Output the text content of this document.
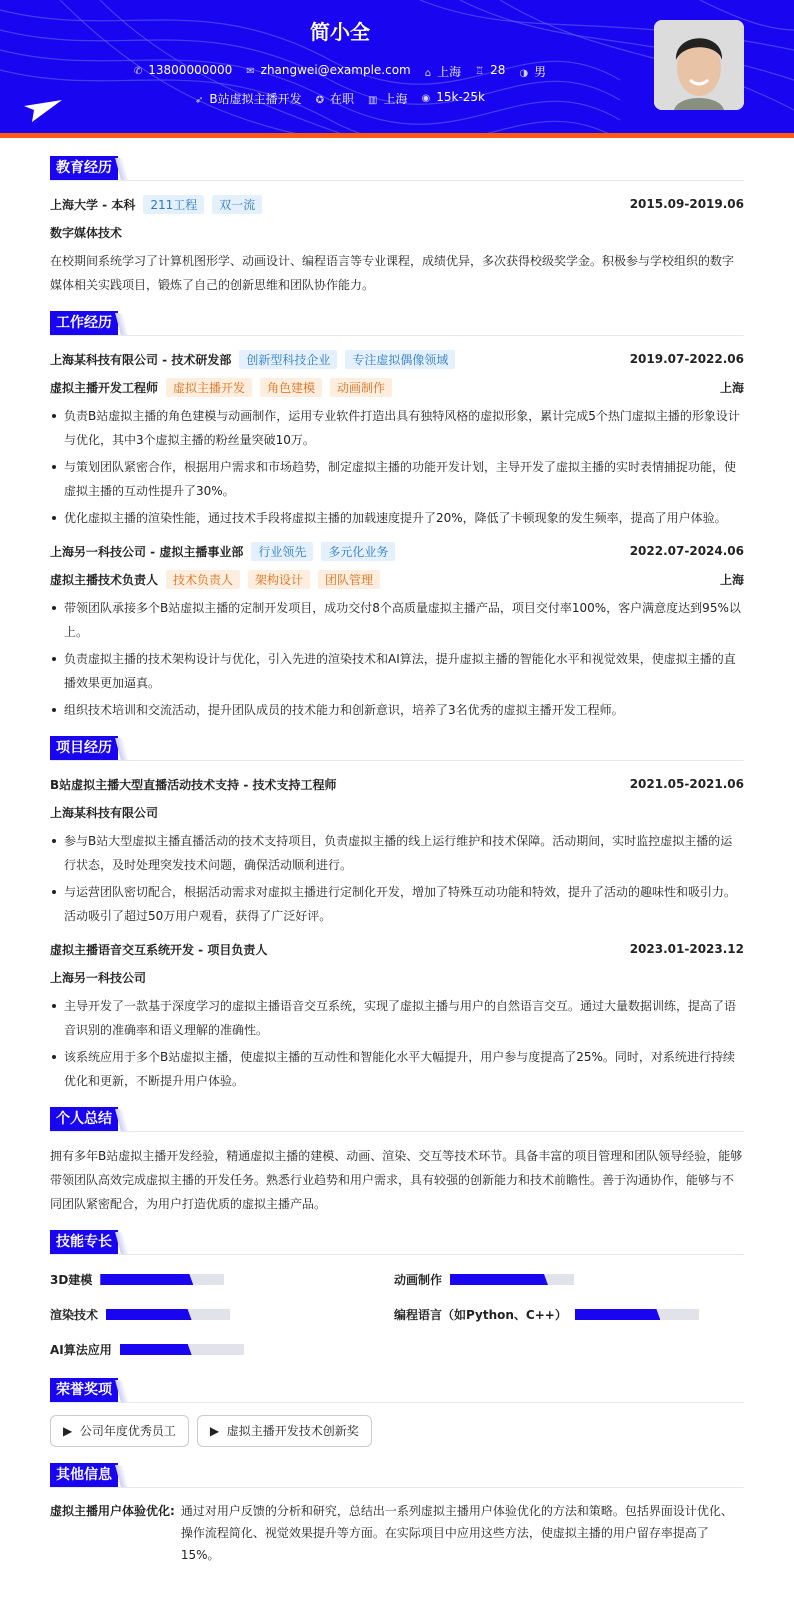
简小全
✆ 13800000000 ✉ zhangwei@example.com ⌂ 上海 ♖ 28 ◑ 男
➶ B站虚拟主播开发 ✪ 在职 ▥ 上海 ◉ 15k-25k
教育经历
上海大学 - 本科	211工程	双一流	2015.09-2019.06
数字媒体技术

在校期间系统学习了计算机图形学、动画设计、编程语言等专业课程，成绩优异，多次获得校级奖学金。积极参与学校组织的数字媒体相关实践项目，锻炼了自己的创新思维和团队协作能力。

工作经历
上海某科技有限公司 - 技术研发部	创新型科技企业	专注虚拟偶像领域	2019.07-2022.06
虚拟主播开发工程师	虚拟主播开发	角色建模	动画制作	上海
负责B站虚拟主播的角色建模与动画制作，运用专业软件打造出具有独特风格的虚拟形象，累计完成5个热门虚拟主播的形象设计与优化，其中3个虚拟主播的粉丝量突破10万。
与策划团队紧密合作，根据用户需求和市场趋势，制定虚拟主播的功能开发计划，主导开发了虚拟主播的实时表情捕捉功能，使虚拟主播的互动性提升了30%。
优化虚拟主播的渲染性能，通过技术手段将虚拟主播的加载速度提升了20%，降低了卡顿现象的发生频率，提高了用户体验。
上海另一科技公司 - 虚拟主播事业部	行业领先	多元化业务	2022.07-2024.06
虚拟主播技术负责人	技术负责人	架构设计	团队管理	上海
带领团队承接多个B站虚拟主播的定制开发项目，成功交付8个高质量虚拟主播产品，项目交付率100%，客户满意度达到95%以上。
负责虚拟主播的技术架构设计与优化，引入先进的渲染技术和AI算法，提升虚拟主播的智能化水平和视觉效果，使虚拟主播的直播效果更加逼真。
组织技术培训和交流活动，提升团队成员的技术能力和创新意识，培养了3名优秀的虚拟主播开发工程师。
项目经历
B站虚拟主播大型直播活动技术支持 - 技术支持工程师	2021.05-2021.06
上海某科技有限公司
参与B站大型虚拟主播直播活动的技术支持项目，负责虚拟主播的线上运行维护和技术保障。活动期间，实时监控虚拟主播的运行状态，及时处理突发技术问题，确保活动顺利进行。
与运营团队密切配合，根据活动需求对虚拟主播进行定制化开发，增加了特殊互动功能和特效，提升了活动的趣味性和吸引力。活动吸引了超过50万用户观看，获得了广泛好评。
虚拟主播语音交互系统开发 - 项目负责人	2023.01-2023.12
上海另一科技公司
主导开发了一款基于深度学习的虚拟主播语音交互系统，实现了虚拟主播与用户的自然语言交互。通过大量数据训练，提高了语音识别的准确率和语义理解的准确性。
该系统应用于多个B站虚拟主播，使虚拟主播的互动性和智能化水平大幅提升，用户参与度提高了25%。同时，对系统进行持续优化和更新，不断提升用户体验。
个人总结

拥有多年B站虚拟主播开发经验，精通虚拟主播的建模、动画、渲染、交互等技术环节。具备丰富的项目管理和团队领导经验，能够带领团队高效完成虚拟主播的开发任务。熟悉行业趋势和用户需求，具有较强的创新能力和技术前瞻性。善于沟通协作，能够与不同团队紧密配合，为用户打造优质的虚拟主播产品。

技能专长
3D建模	动画制作
渲染技术	编程语言（如Python、C++）
AI算法应用
荣誉奖项
▶  公司年度优秀员工	▶  虚拟主播开发技术创新奖
其他信息
虚拟主播用户体验优化: 通过对用户反馈的分析和研究，总结出一系列虚拟主播用户体验优化的方法和策略。包括界面设计优化、操作流程简化、视觉效果提升等方面。在实际项目中应用这些方法，使虚拟主播的用户留存率提高了15%。
